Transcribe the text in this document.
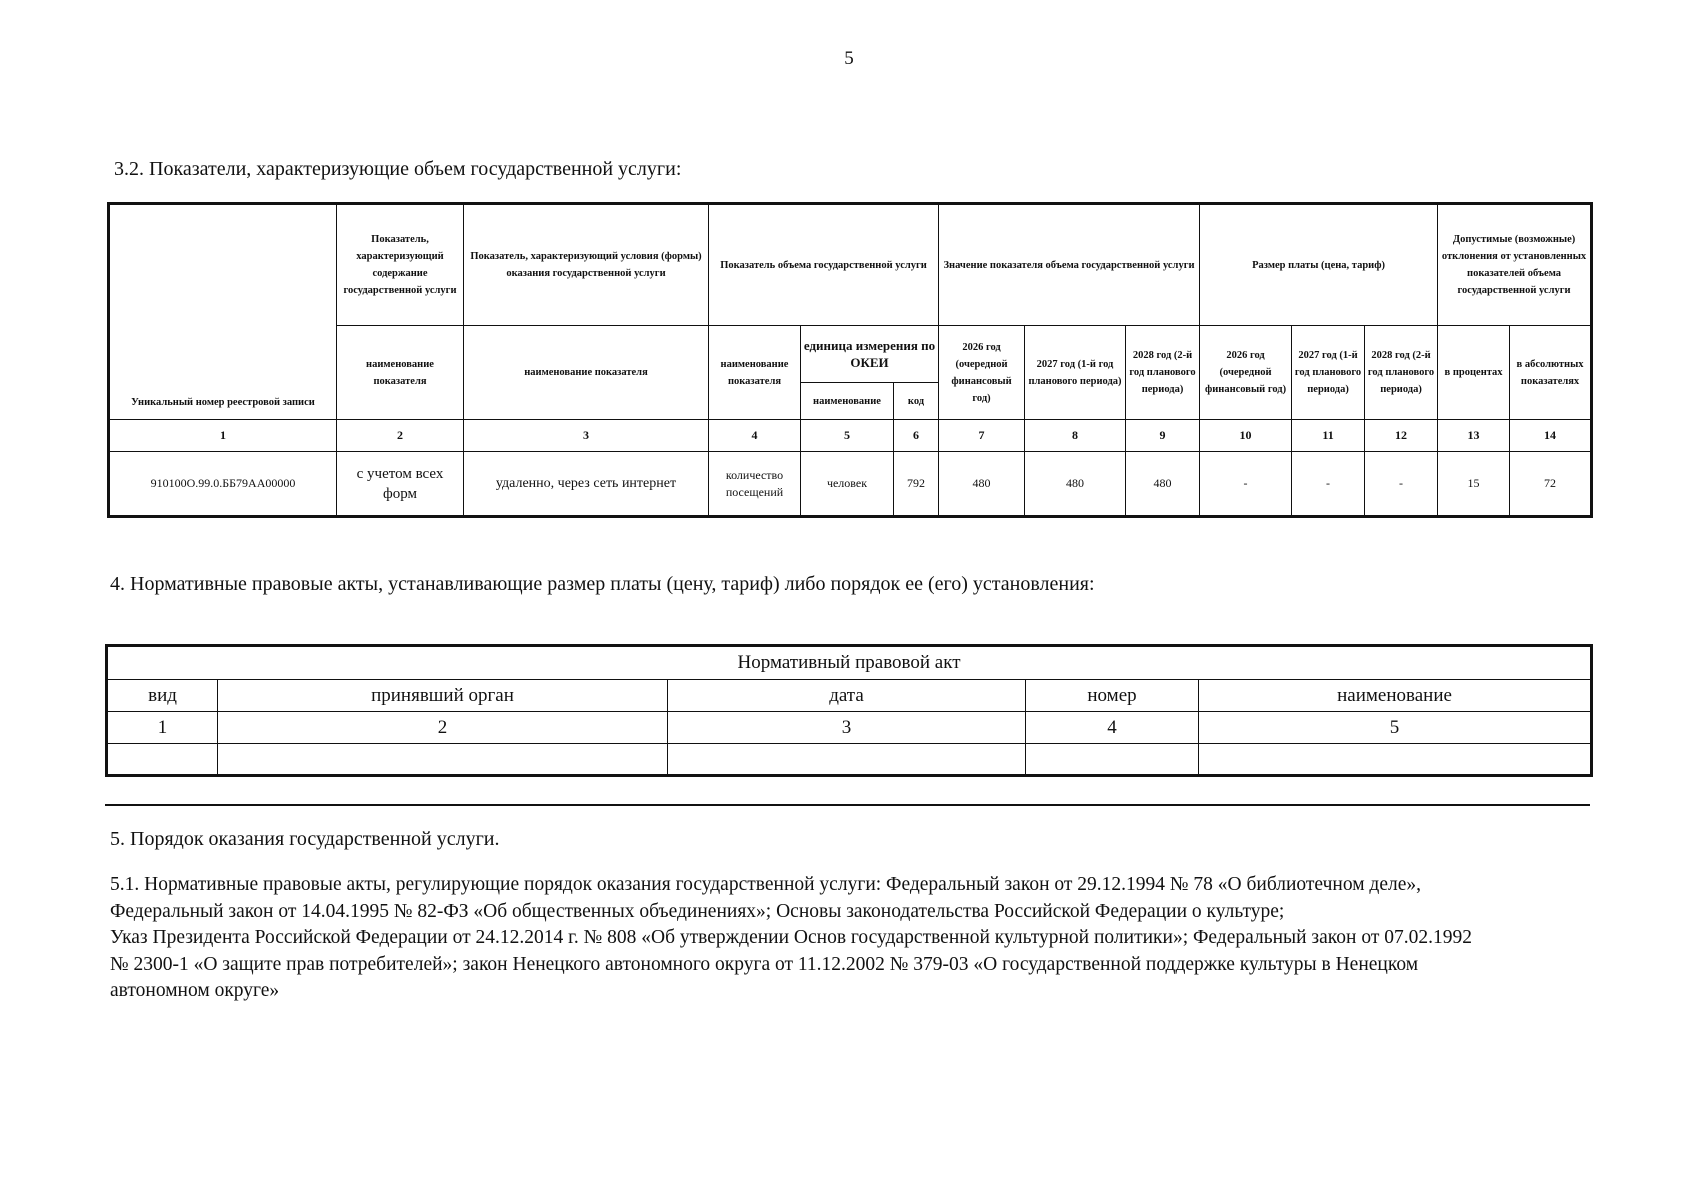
5
3.2. Показатели, характеризующие объем государственной услуги:
Уникальный номер реестровой записи	Показатель, характеризующий содержание государственной услуги	Показатель, характеризующий условия (формы) оказания государственной услуги	Показатель объема государственной услуги			Значение показателя объема государственной услуги			Размер платы (цена, тариф)			Допустимые (возможные) отклонения от установленных показателей объема государственной услуги	
	наименование показателя	наименование показателя	наименование показателя	единица измерения по ОКЕИ		2026 год (очередной финансовый год)	2027 год (1-й год планового периода)	2028 год (2-й год планового периода)	2026 год (очередной финансовый год)	2027 год (1-й год планового периода)	2028 год (2-й год планового периода)	в процентах	в абсолютных показателях
				наименование	код								
1	2	3	4	5	6	7	8	9	10	11	12	13	14
910100О.99.0.ББ79АА00000	с учетом всех форм	удаленно, через сеть интернет	количество посещений	человек	792	480	480	480	-	-	-	15	72
4. Нормативные правовые акты, устанавливающие размер платы (цену, тариф) либо порядок ее (его) установления:
Нормативный правовой акт				
вид	принявший орган	дата	номер	наименование
1	2	3	4	5

5. Порядок оказания государственной услуги.
5.1. Нормативные правовые акты, регулирующие порядок оказания государственной услуги: Федеральный закон от 29.12.1994 № 78 «О библиотечном деле»,
Федеральный закон от 14.04.1995 № 82-ФЗ «Об общественных объединениях»; Основы законодательства Российской Федерации о культуре;
Указ Президента Российской Федерации от 24.12.2014 г. № 808 «Об утверждении Основ государственной культурной политики»; Федеральный закон от 07.02.1992
№ 2300-1 «О защите прав потребителей»; закон Ненецкого автономного округа от 11.12.2002 № 379-03 «О государственной поддержке культуры в Ненецком
автономном округе»
